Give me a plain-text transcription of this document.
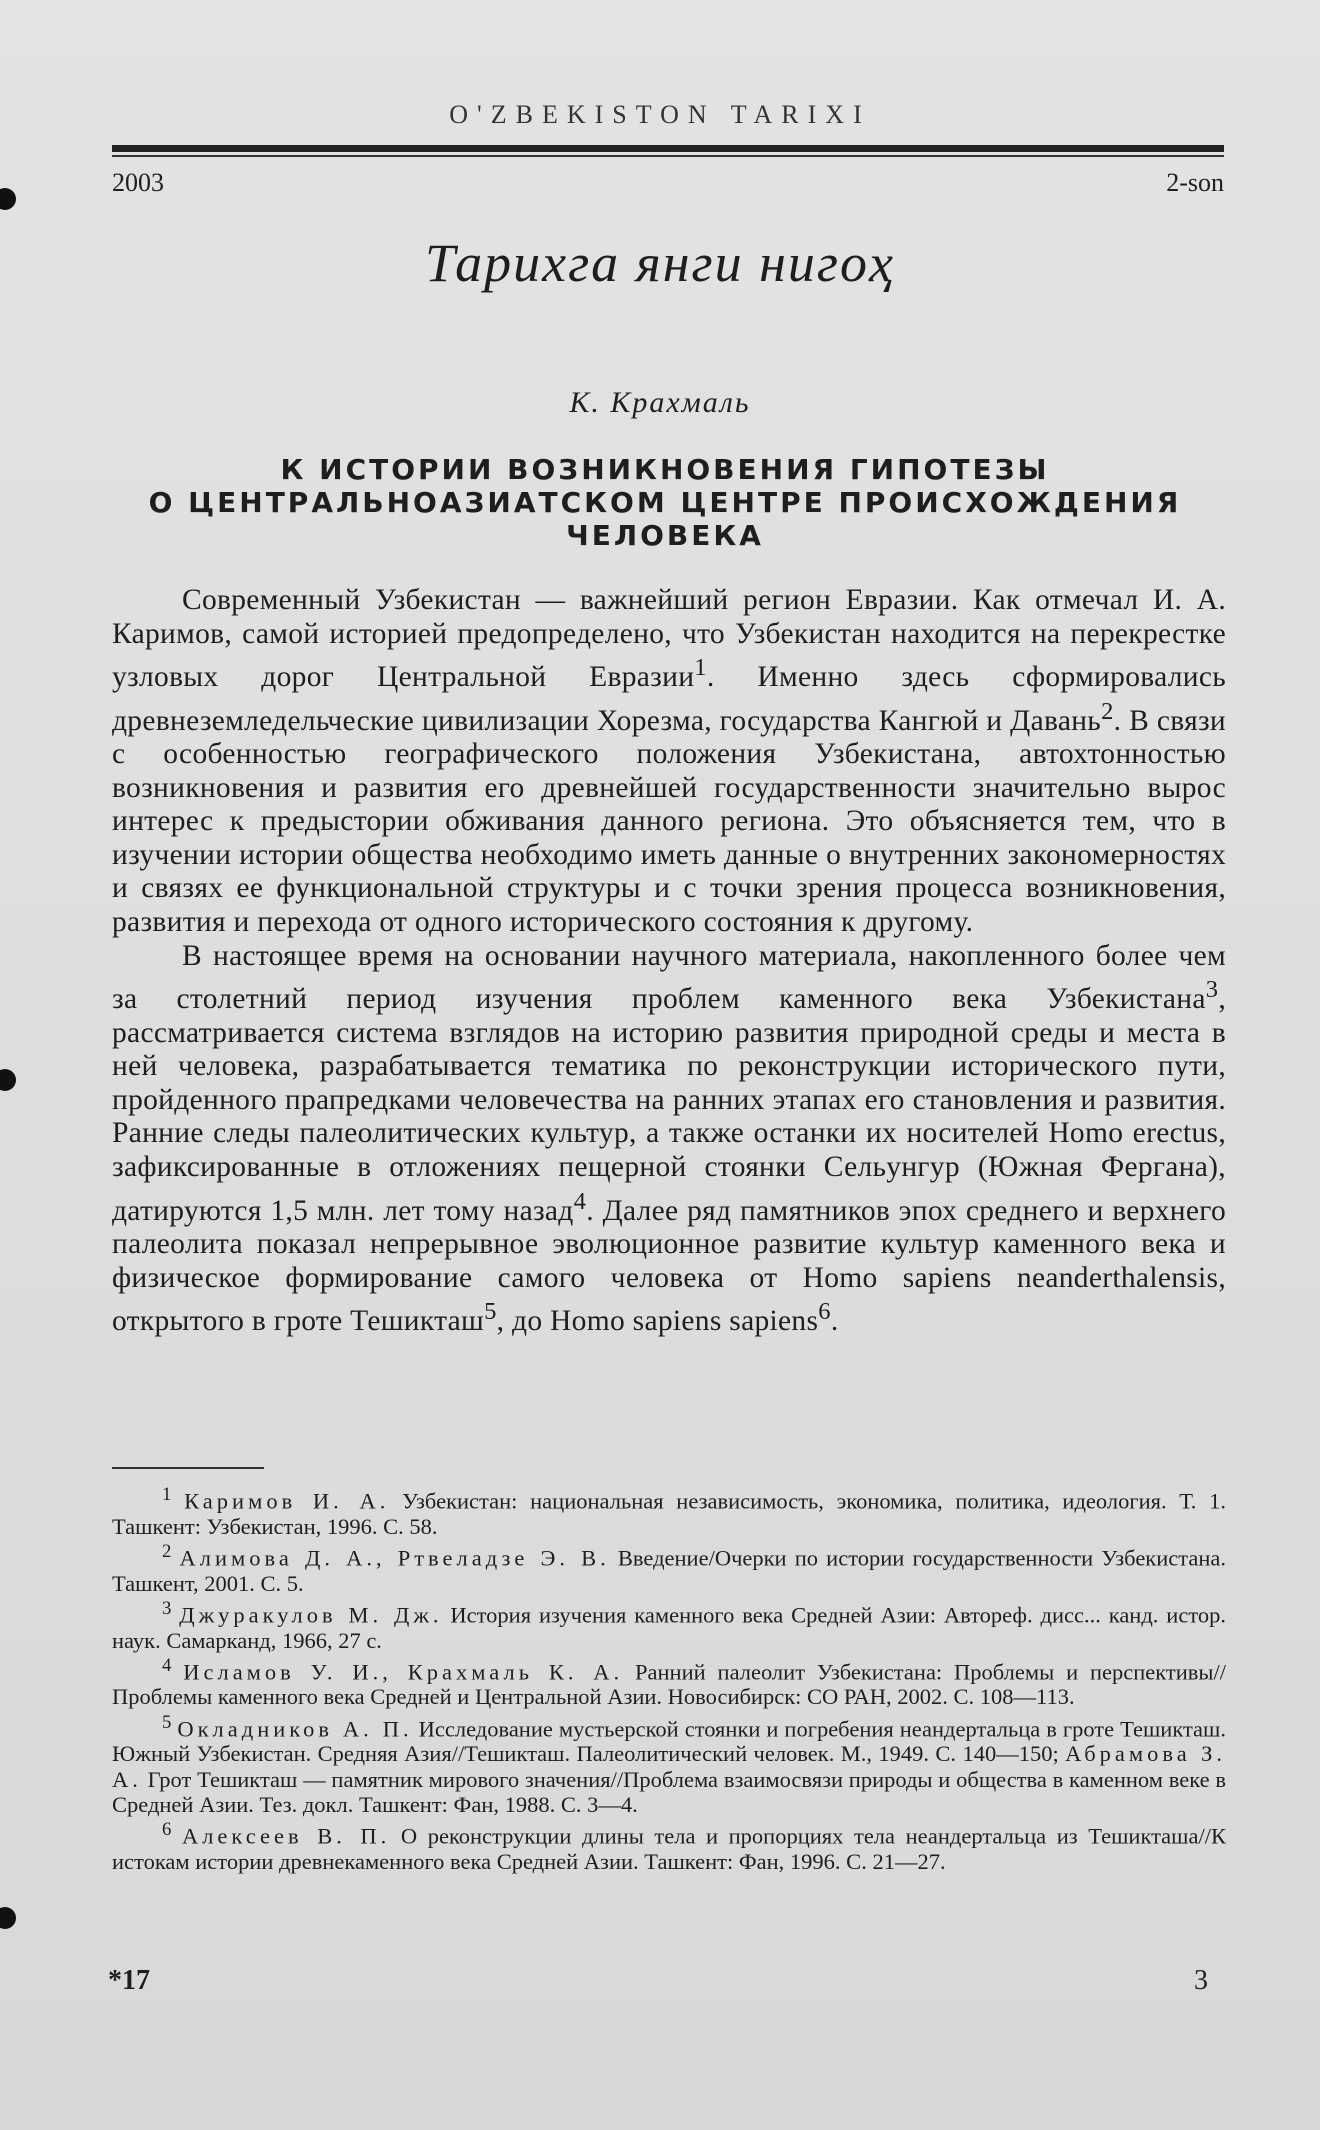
O'ZBEKISTON TARIXI
2003	2-son
Тарихга янги нигоҳ
К. Крахмаль
К ИСТОРИИ ВОЗНИКНОВЕНИЯ ГИПОТЕЗЫ
О ЦЕНТРАЛЬНОАЗИАТСКОМ ЦЕНТРЕ ПРОИСХОЖДЕНИЯ
ЧЕЛОВЕКА

Современный Узбекистан — важнейший регион Евразии. Как отмечал И. А. Каримов, самой историей предопределено, что Узбекистан находится на перекрестке узловых дорог Центральной Евразии$^1$. Именно здесь сформировались древнеземледельческие цивилизации Хорезма, государства Кангюй и Давань$^2$. В связи с особенностью географического положения Узбекистана, автохтонностью возникновения и развития его древнейшей государственности значительно вырос интерес к предыстории обживания данного региона. Это объясняется тем, что в изучении истории общества необходимо иметь данные о внутренних закономерностях и связях ее функциональной структуры и с точки зрения процесса возникновения, развития и перехода от одного исторического состояния к другому.

В настоящее время на основании научного материала, накопленного более чем за столетний период изучения проблем каменного века Узбекистана$^3$, рассматривается система взглядов на историю развития природной среды и места в ней человека, разрабатывается тематика по реконструкции исторического пути, пройденного прапредками человечества на ранних этапах его становления и развития. Ранние следы палеолитических культур, а также останки их носителей Homo erectus, зафиксированные в отложениях пещерной стоянки Сельунгур (Южная Фергана), датируются 1,5 млн. лет тому назад$^4$. Далее ряд памятников эпох среднего и верхнего палеолита показал непрерывное эволюционное развитие культур каменного века и физическое формирование самого человека от Homo sapiens neanderthalensis, открытого в гроте Тешикташ$^5$, до Homo sapiens sapiens$^6$.

$^1$ Каримов И. А. Узбекистан: национальная независимость, экономика, политика, идеология. Т. 1. Ташкент: Узбекистан, 1996. С. 58.

$^2$ Алимова Д. А., Ртвеладзе Э. В. Введение/Очерки по истории государственности Узбекистана. Ташкент, 2001. С. 5.

$^3$ Джуракулов М. Дж. История изучения каменного века Средней Азии: Автореф. дисс... канд. истор. наук. Самарканд, 1966, 27 с.

$^4$ Исламов У. И., Крахмаль К. А. Ранний палеолит Узбекистана: Проблемы и перспективы//Проблемы каменного века Средней и Центральной Азии. Новосибирск: СО РАН, 2002. С. 108—113.

$^5$ Окладников А. П. Исследование мустьерской стоянки и погребения неандертальца в гроте Тешикташ. Южный Узбекистан. Средняя Азия//Тешикташ. Палеолитический человек. М., 1949. С. 140—150; Абрамова З. А. Грот Тешикташ — памятник мирового значения//Проблема взаимосвязи природы и общества в каменном веке в Средней Азии. Тез. докл. Ташкент: Фан, 1988. С. 3—4.

$^6$ Алексеев В. П. О реконструкции длины тела и пропорциях тела неандертальца из Тешикташа//К истокам истории древнекаменного века Средней Азии. Ташкент: Фан, 1996. С. 21—27.

*17	3
